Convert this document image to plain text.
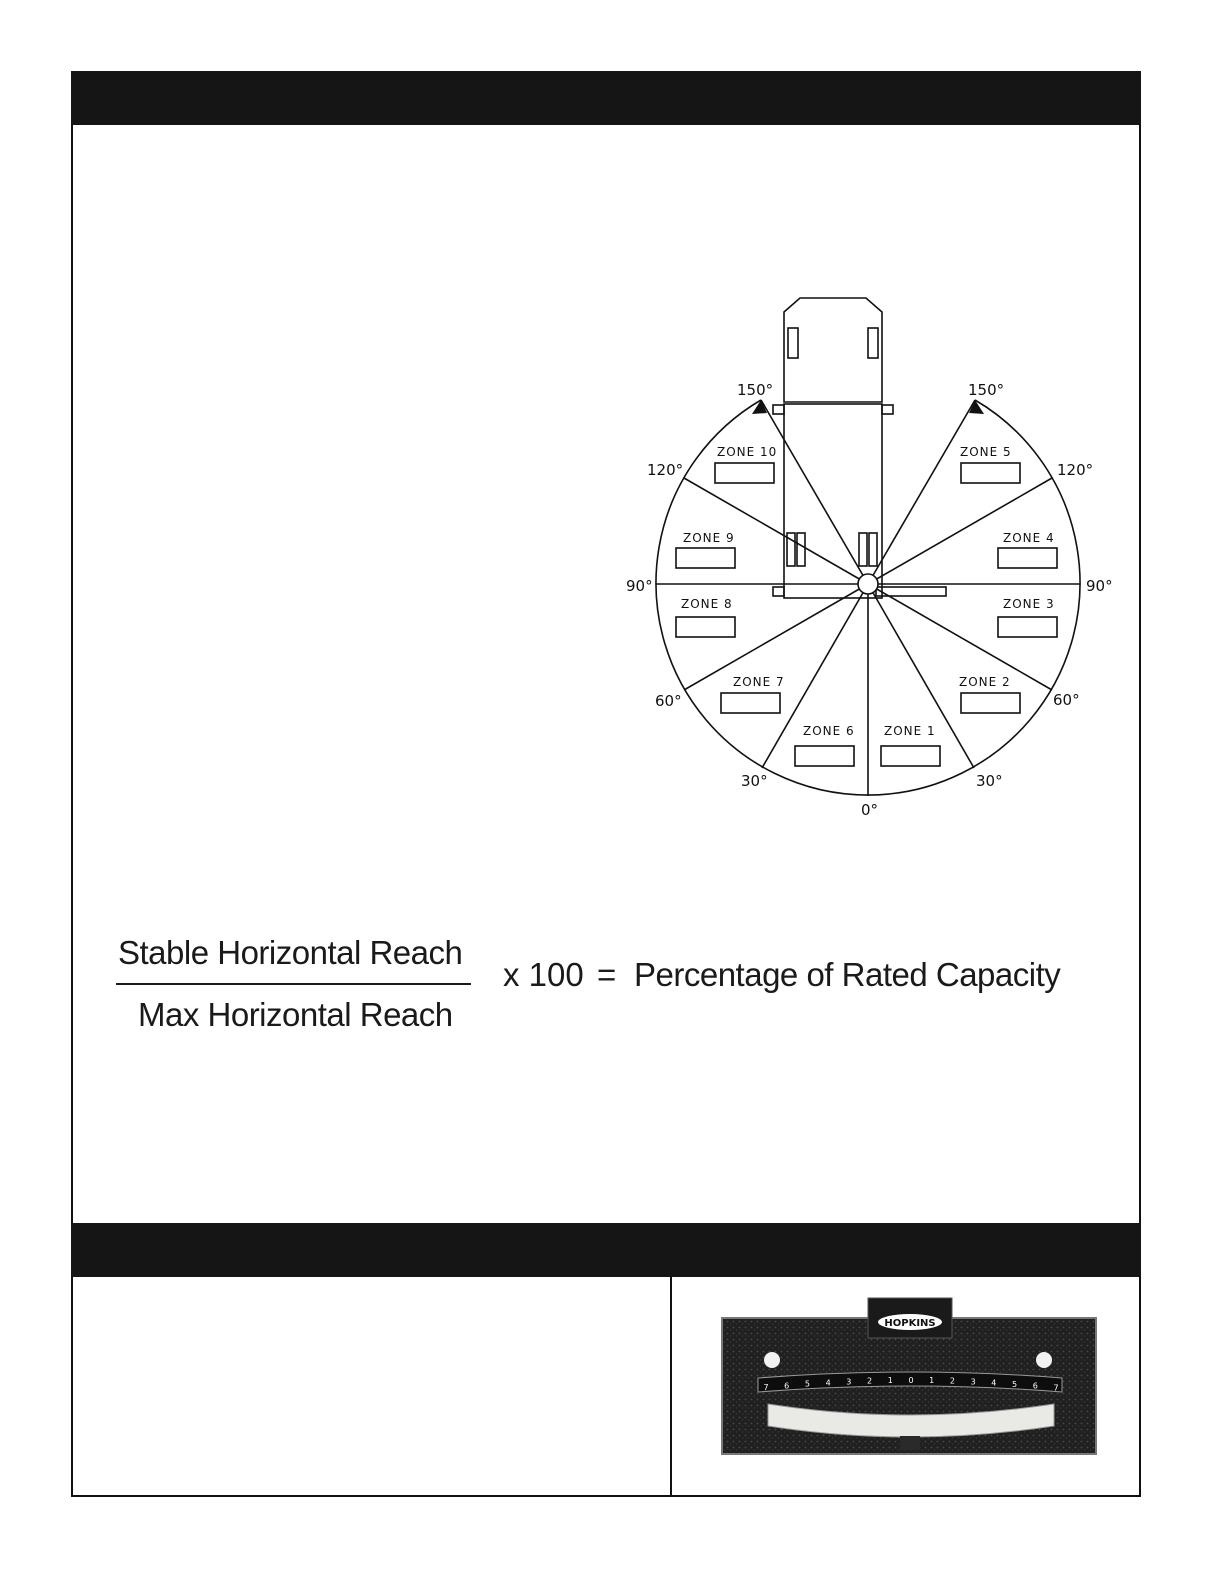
ZONE 1
ZONE 2
ZONE 3
ZONE 4
ZONE 5
ZONE 6
ZONE 7
ZONE 8
ZONE 9
ZONE 10
0°
30°
60°
90°
120°
150°
30°
60°
90°
120°
150°
Stable Horizontal Reach
Max Horizontal Reach
x 100 = Percentage of Rated Capacity
HOPKINS
7 6 5 4 3 2 1 0 1 2 3 4 5 6 7
